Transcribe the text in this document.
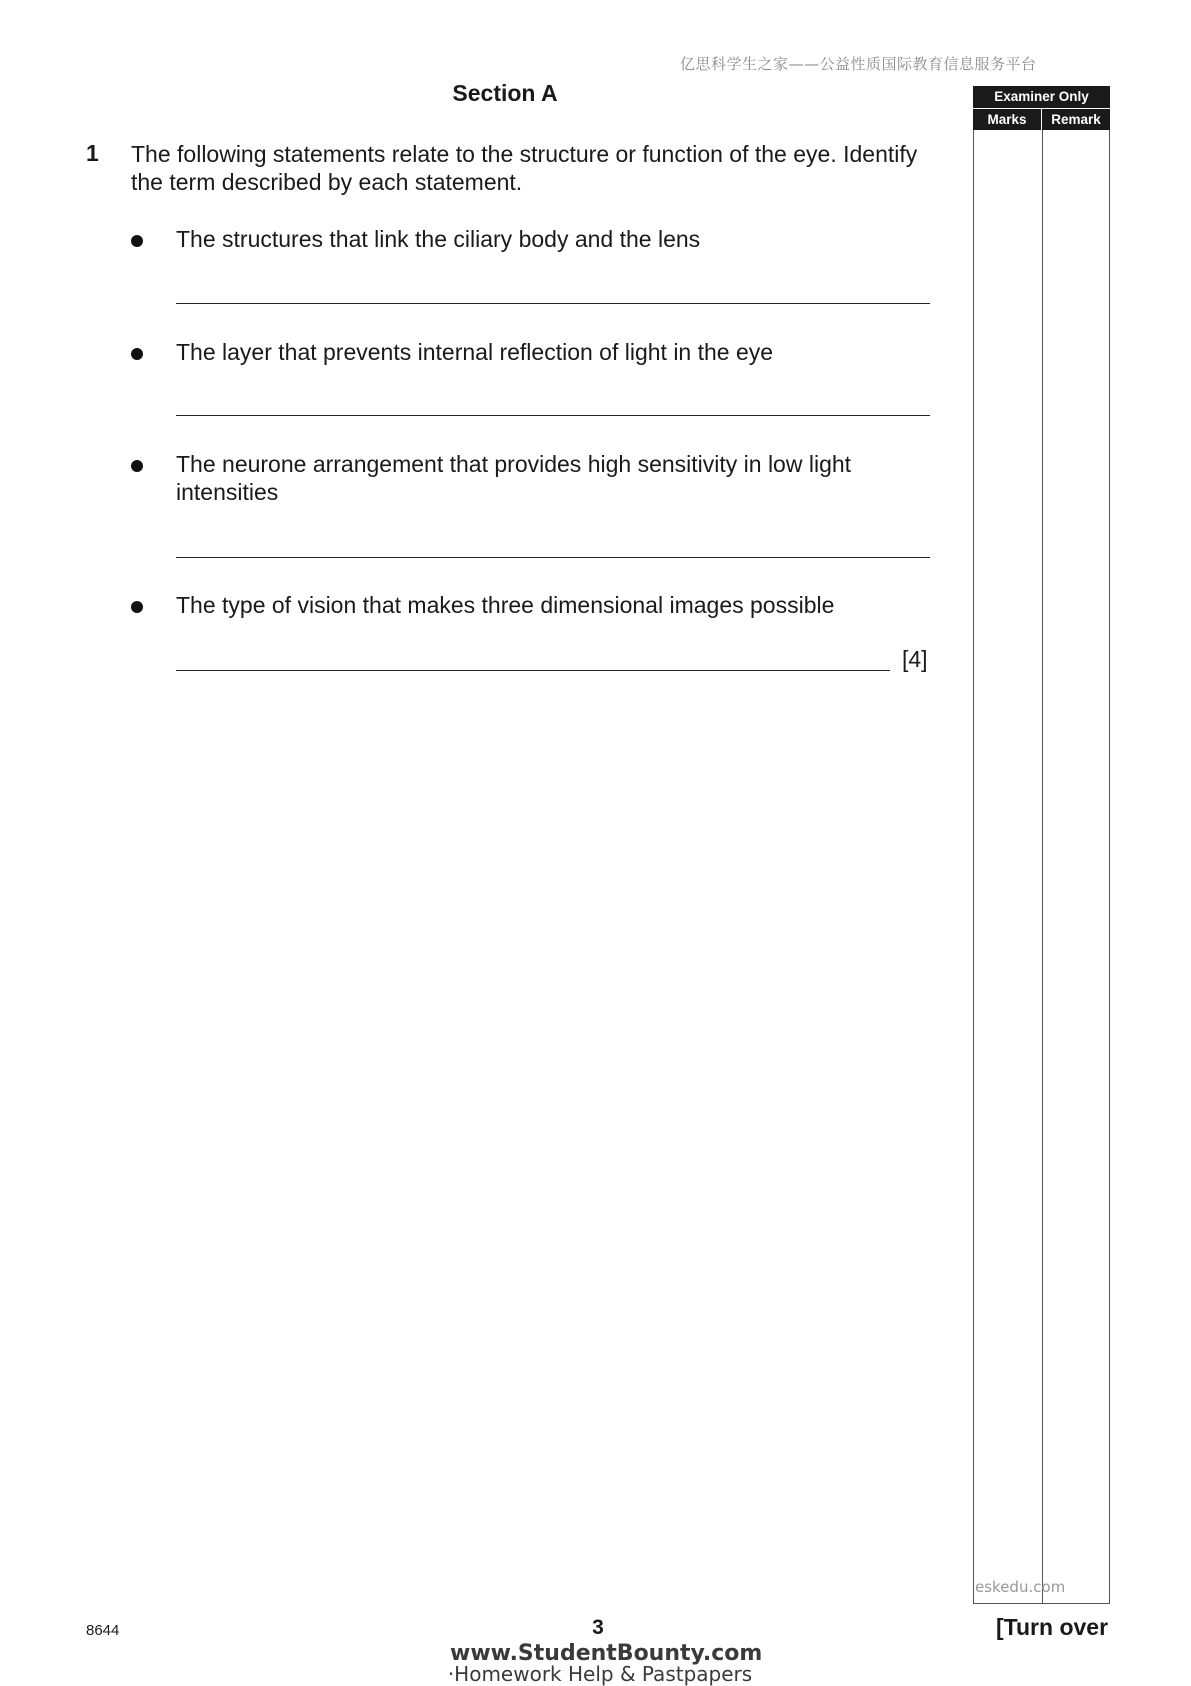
亿思科学生之家——公益性质国际教育信息服务平台
Section A	Examiner Only
Marks	Remark
1 The following statements relate to the structure or function of the eye. Identify the term described by each statement.
The structures that link the ciliary body and the lens
The layer that prevents internal reflection of light in the eye
The neurone arrangement that provides high sensitivity in low light intensities
The type of vision that makes three dimensional images possible
[4]
eskedu.com
8644	3	[Turn over
www.StudentBounty.com
·Homework Help & Pastpapers
